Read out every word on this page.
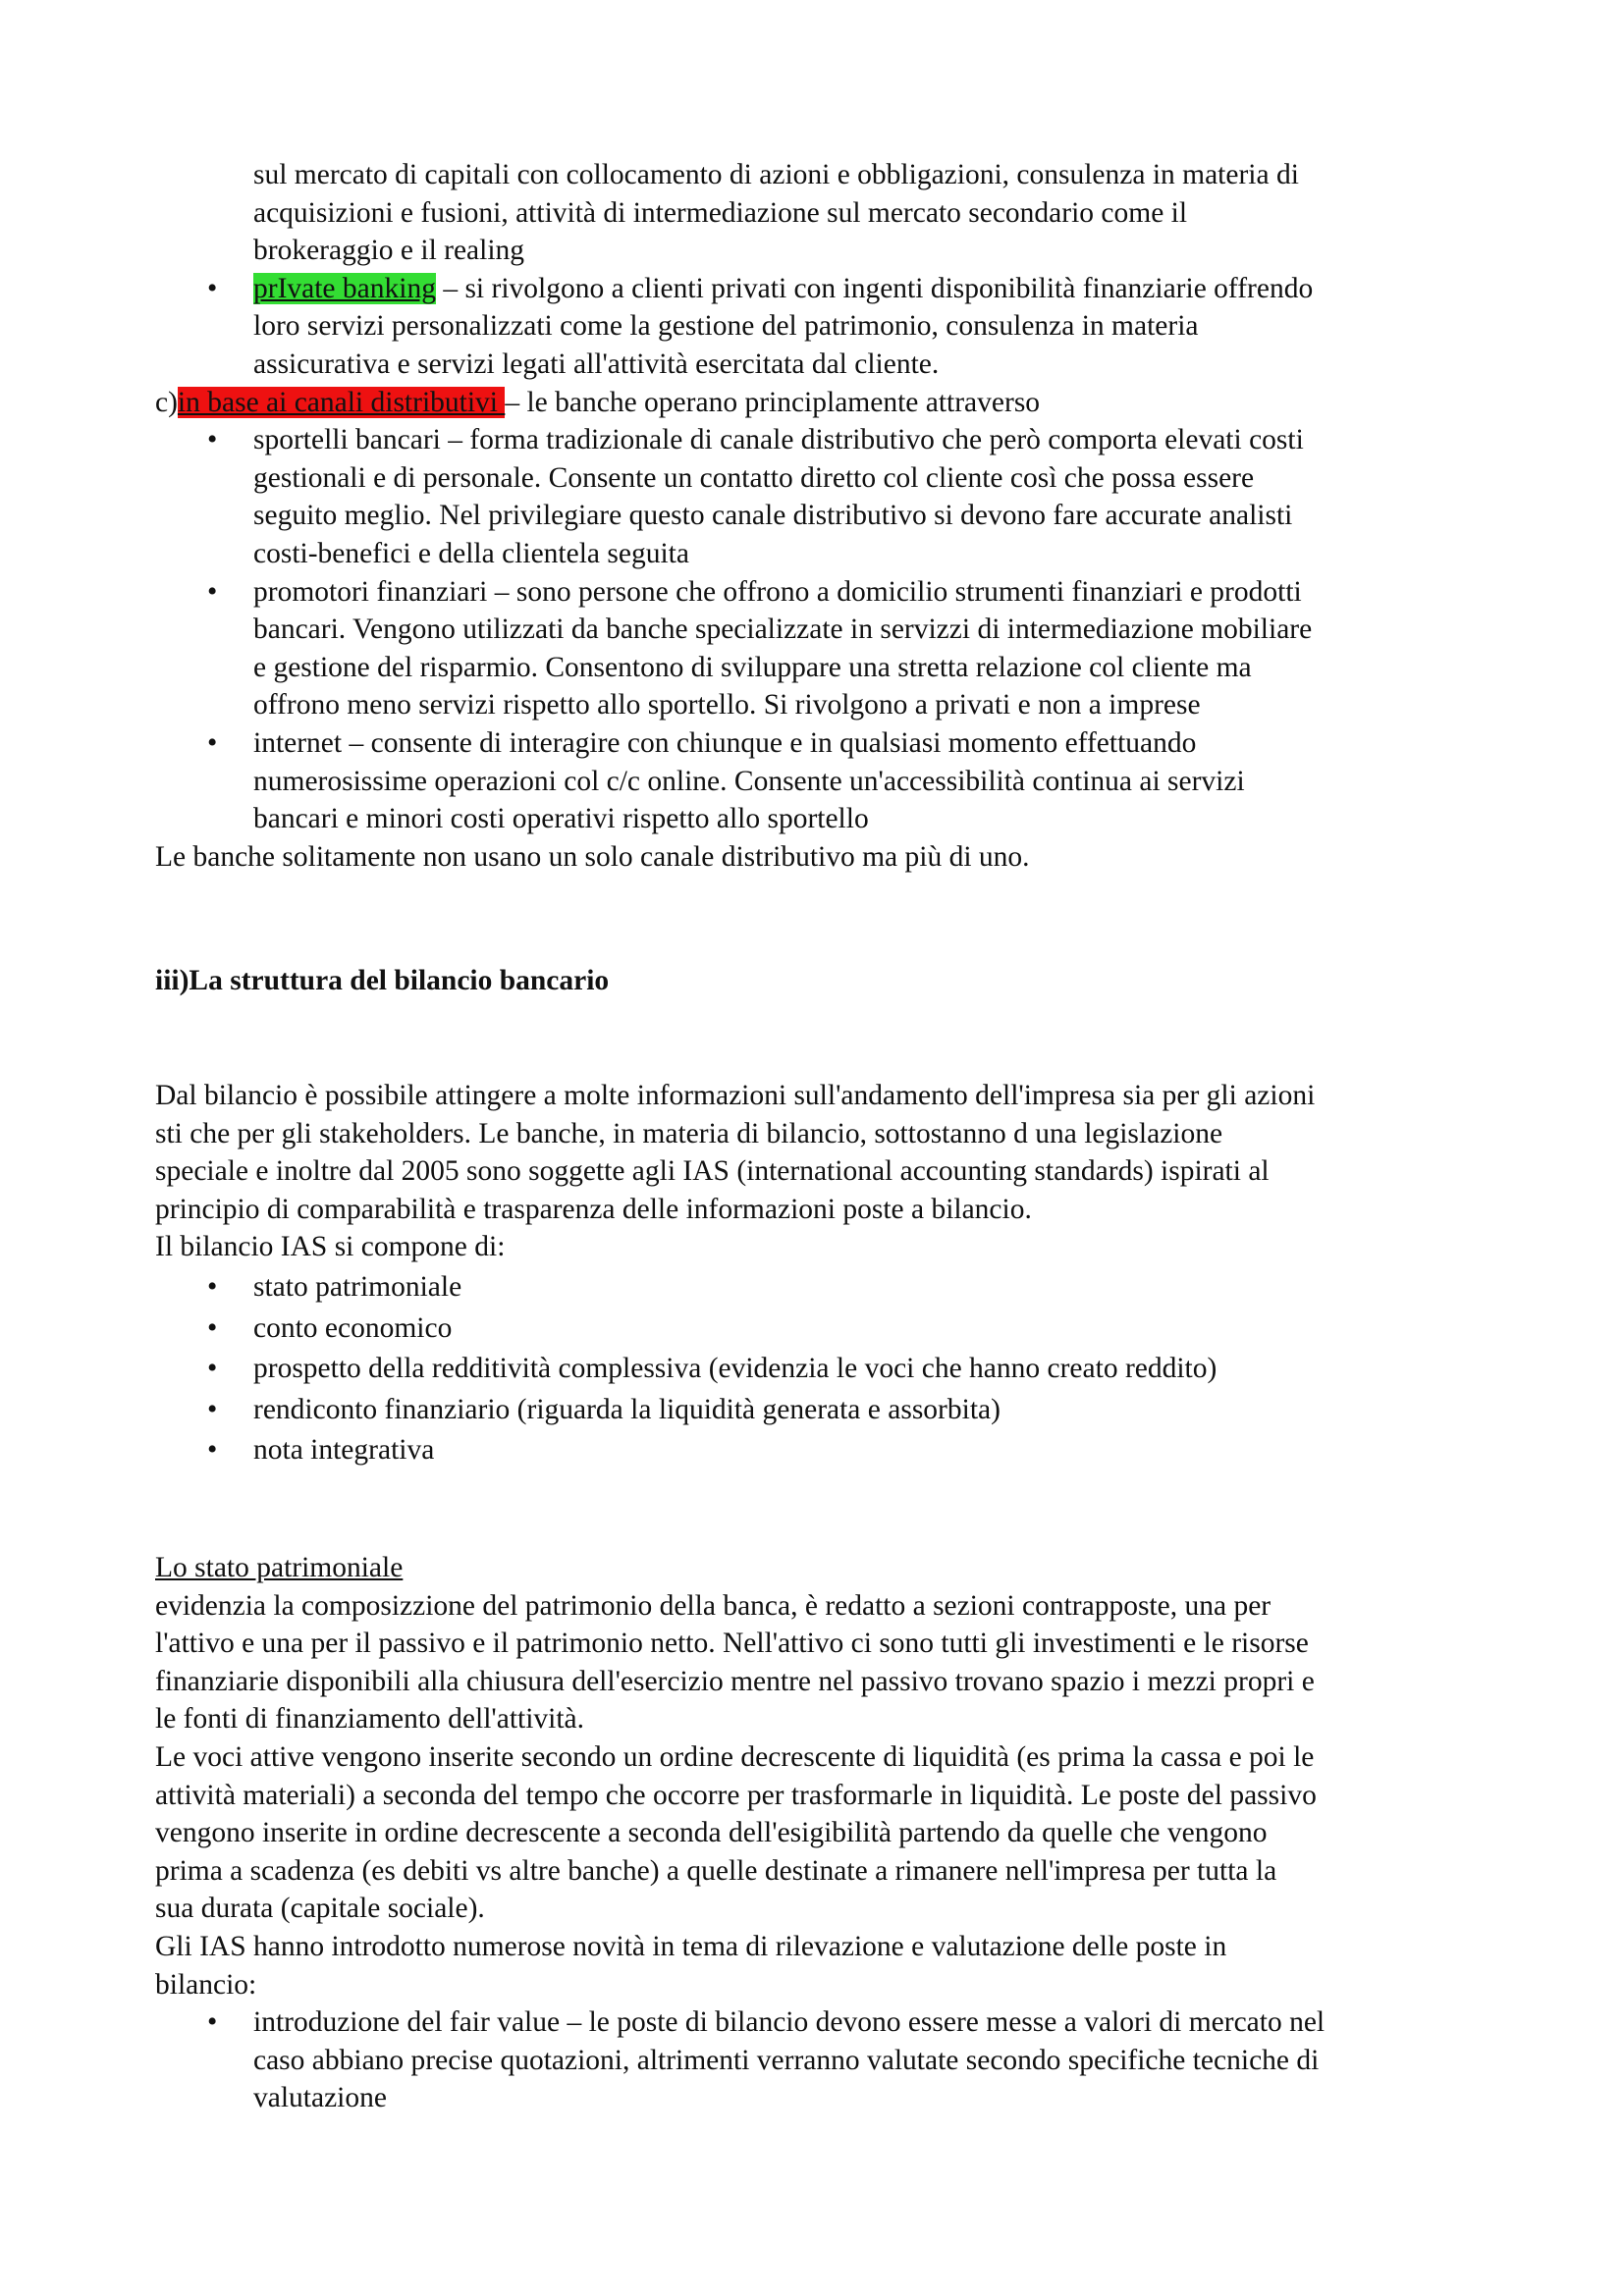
sul mercato di capitali con collocamento di azioni e obbligazioni, consulenza in materia di

acquisizioni e fusioni, attività di intermediazione sul mercato secondario come il

brokeraggio e il realing

• prIvate banking – si rivolgono a clienti privati con ingenti disponibilità finanziarie offrendo

loro servizi personalizzati come la gestione del patrimonio, consulenza in materia

assicurativa e servizi legati all'attività esercitata dal cliente.

c)in base ai canali distributivi – le banche operano principlamente attraverso

• sportelli bancari – forma tradizionale di canale distributivo che però comporta elevati costi

gestionali e di personale. Consente un contatto diretto col cliente così che possa essere

seguito meglio. Nel privilegiare questo canale distributivo si devono fare accurate analisti

costi-benefici e della clientela seguita

• promotori finanziari – sono persone che offrono a domicilio strumenti finanziari e prodotti

bancari. Vengono utilizzati da banche specializzate in servizzi di intermediazione mobiliare

e gestione del risparmio. Consentono di sviluppare una stretta relazione col cliente ma

offrono meno servizi rispetto allo sportello. Si rivolgono a privati e non a imprese

• internet – consente di interagire con chiunque e in qualsiasi momento effettuando

numerosissime operazioni col c/c online. Consente un'accessibilità continua ai servizi

bancari e minori costi operativi rispetto allo sportello

Le banche solitamente non usano un solo canale distributivo ma più di uno.

iii)La struttura del bilancio bancario

Dal bilancio è possibile attingere a molte informazioni sull'andamento dell'impresa sia per gli azioni

sti che per gli stakeholders. Le banche, in materia di bilancio, sottostanno d una legislazione

speciale e inoltre dal 2005 sono soggette agli IAS (international accounting standards) ispirati al

principio di comparabilità e trasparenza delle informazioni poste a bilancio.

Il bilancio IAS si compone di:

• stato patrimoniale

• conto economico

• prospetto della redditività complessiva (evidenzia le voci che hanno creato reddito)

• rendiconto finanziario (riguarda la liquidità generata e assorbita)

• nota integrativa

Lo stato patrimoniale

evidenzia la composizzione del patrimonio della banca, è redatto a sezioni contrapposte, una per

l'attivo e una per il passivo e il patrimonio netto. Nell'attivo ci sono tutti gli investimenti e le risorse

finanziarie disponibili alla chiusura dell'esercizio mentre nel passivo trovano spazio i mezzi propri e

le fonti di finanziamento dell'attività.

Le voci attive vengono inserite secondo un ordine decrescente di liquidità (es prima la cassa e poi le

attività materiali) a seconda del tempo che occorre per trasformarle in liquidità. Le poste del passivo

vengono inserite in ordine decrescente a seconda dell'esigibilità partendo da quelle che vengono

prima a scadenza (es debiti vs altre banche) a quelle destinate a rimanere nell'impresa per tutta la

sua durata (capitale sociale).

Gli IAS hanno introdotto numerose novità in tema di rilevazione e valutazione delle poste in

bilancio:

• introduzione del fair value – le poste di bilancio devono essere messe a valori di mercato nel

caso abbiano precise quotazioni, altrimenti verranno valutate secondo specifiche tecniche di

valutazione
